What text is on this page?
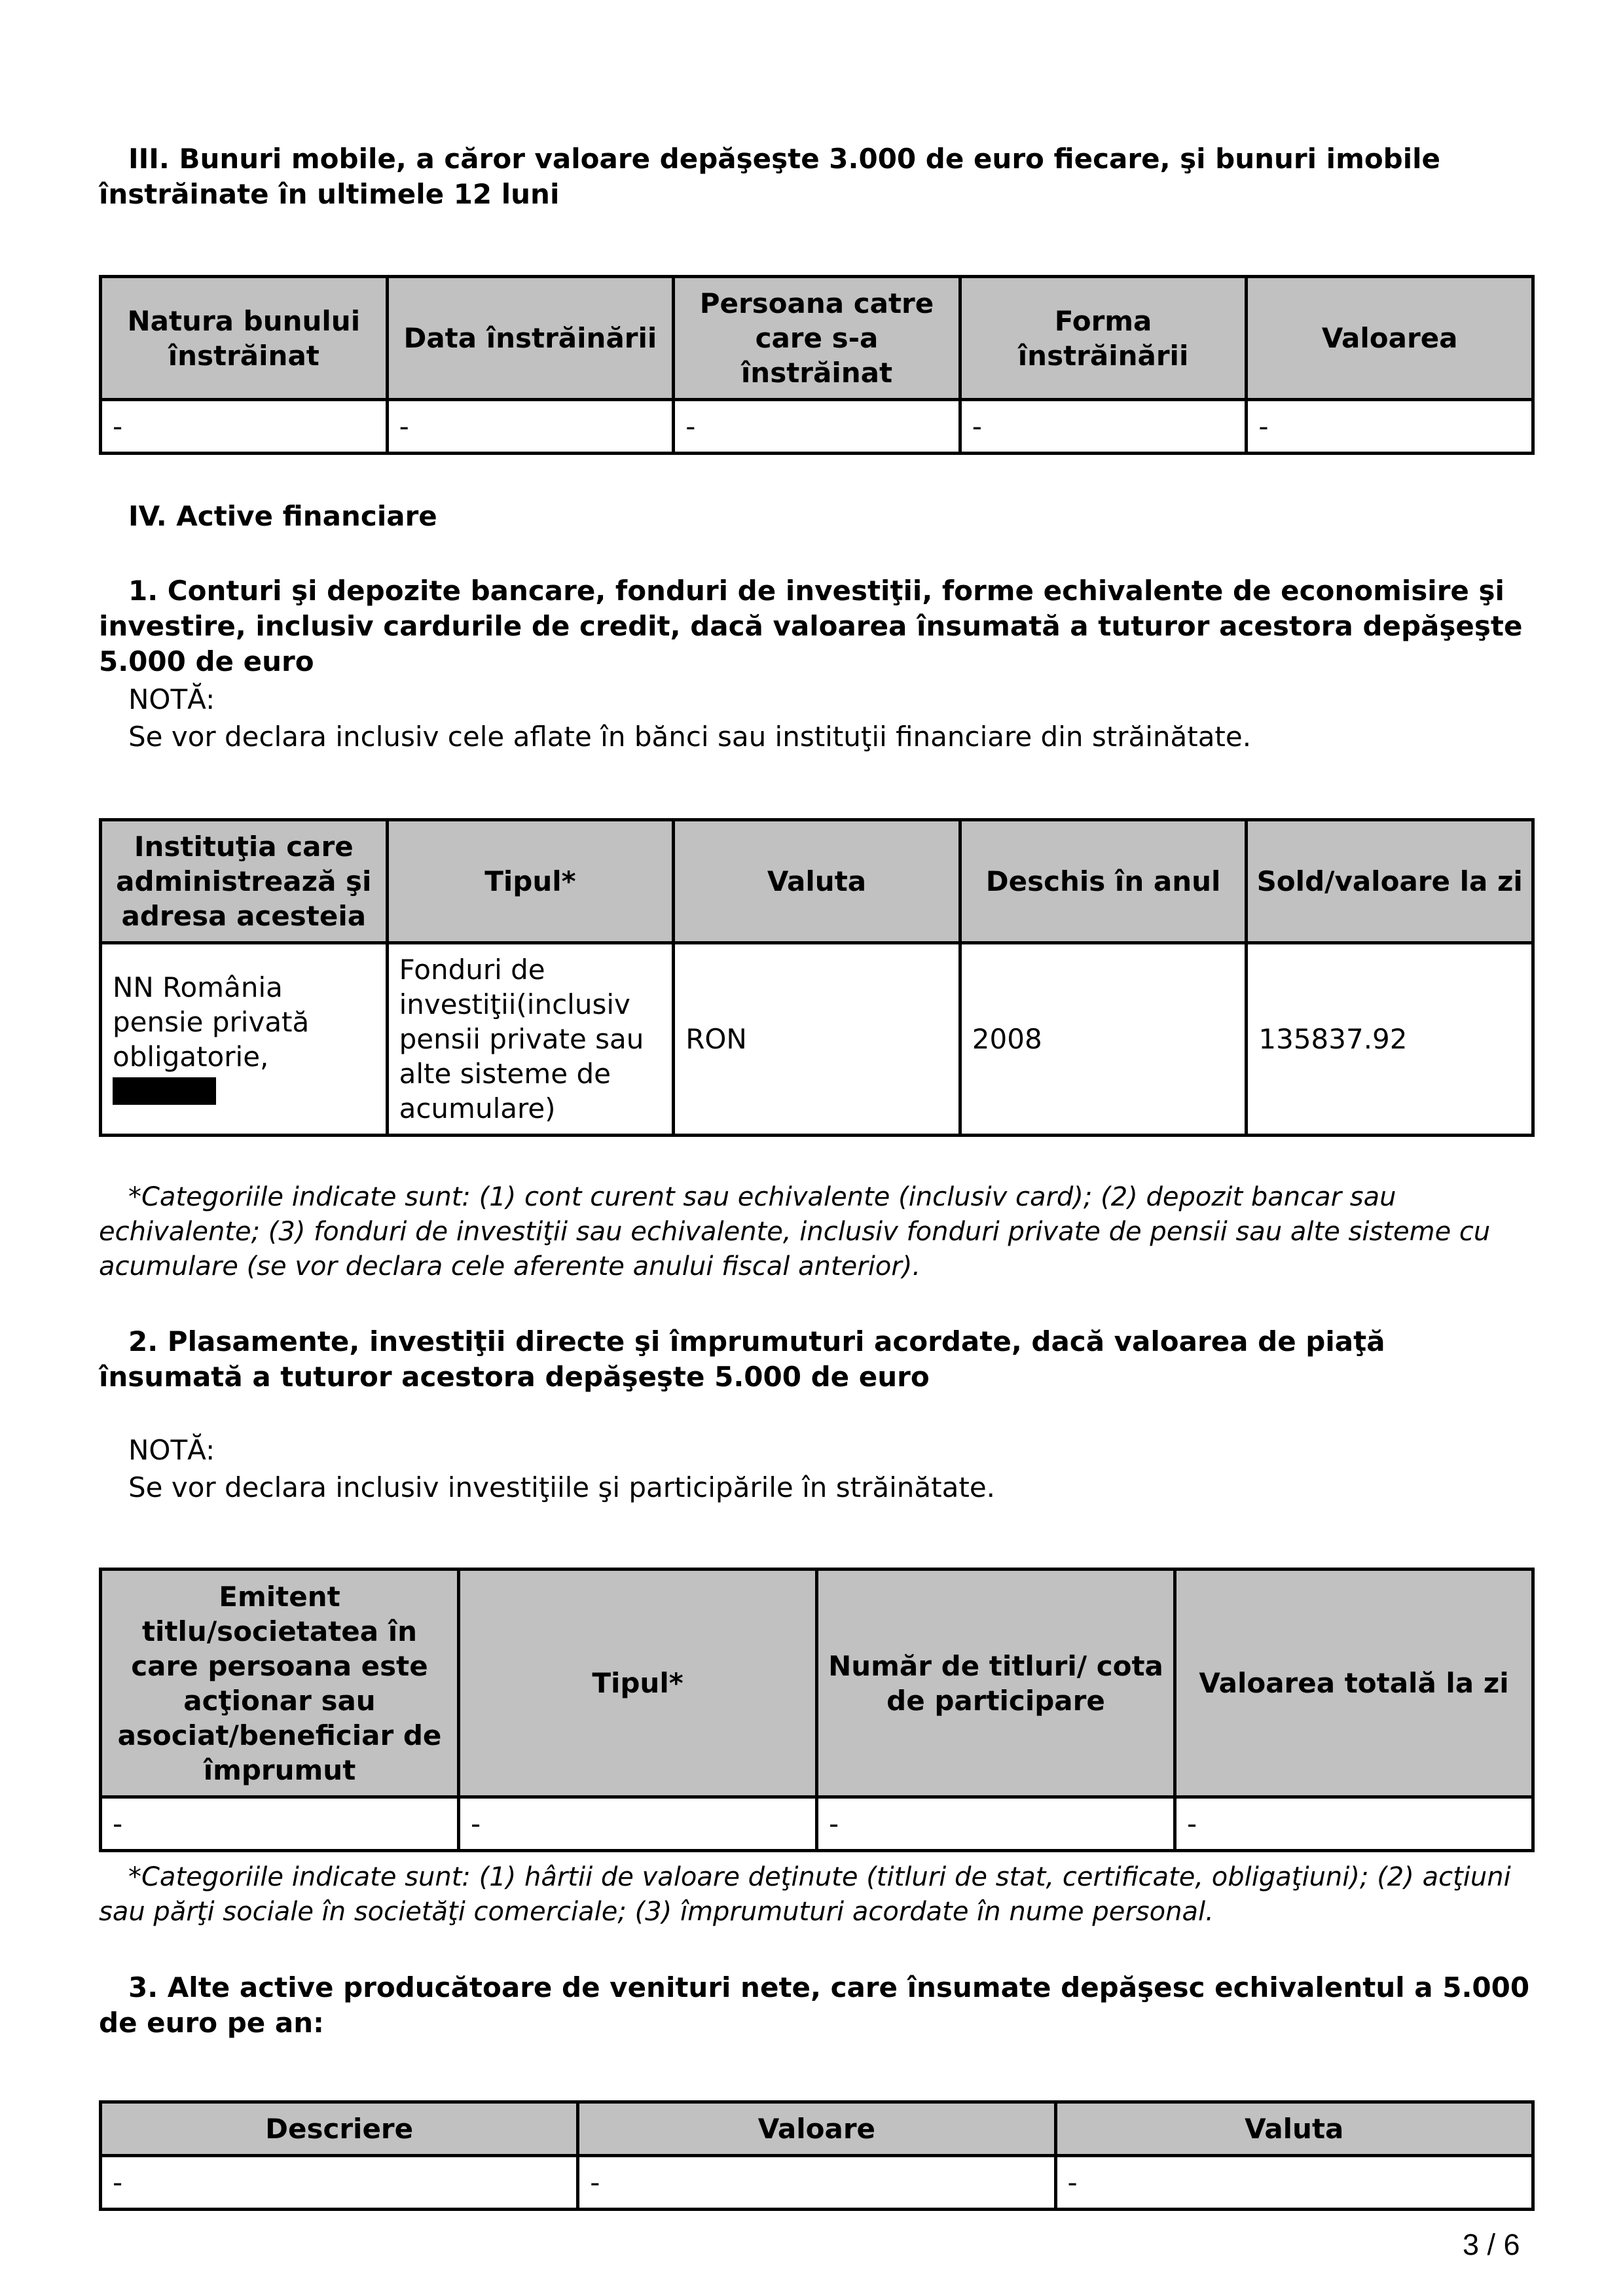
III. Bunuri mobile, a căror valoare depăşeşte 3.000 de euro fiecare, şi bunuri imobile înstrăinate în ultimele 12 luni

Natura bunului înstrăinat	Data înstrăinării	Persoana catre care s-a înstrăinat	Forma înstrăinării	Valoarea
-	-	-	-	-

IV. Active financiare

1. Conturi şi depozite bancare, fonduri de investiţii, forme echivalente de economisire şi investire, inclusiv cardurile de credit, dacă valoarea însumată a tuturor acestora depăşeşte 5.000 de euro

NOTĂ:
Se vor declara inclusiv cele aflate în bănci sau instituţii financiare din străinătate.
Instituţia care administrează şi adresa acesteia	Tipul*	Valuta	Deschis în anul	Sold/valoare la zi
NN România pensie privată obligatorie,	Fonduri de investiţii(inclusiv pensii private sau alte sisteme de acumulare)	RON	2008	135837.92
*Categoriile indicate sunt: (1) cont curent sau echivalente (inclusiv card); (2) depozit bancar sau echivalente; (3) fonduri de investiţii sau echivalente, inclusiv fonduri private de pensii sau alte sisteme cu acumulare (se vor declara cele aferente anului fiscal anterior).

2. Plasamente, investiţii directe şi împrumuturi acordate, dacă valoarea de piaţă însumată a tuturor acestora depăşeşte 5.000 de euro

NOTĂ:
Se vor declara inclusiv investiţiile şi participările în străinătate.
Emitent titlu/societatea în care persoana este acţionar sau asociat/beneficiar de împrumut	Tipul*	Număr de titluri/ cota de participare	Valoarea totală la zi
-	-	-	-
*Categoriile indicate sunt: (1) hârtii de valoare deţinute (titluri de stat, certificate, obligaţiuni); (2) acţiuni sau părţi sociale în societăţi comerciale; (3) împrumuturi acordate în nume personal.

3. Alte active producătoare de venituri nete, care însumate depăşesc echivalentul a 5.000 de euro pe an:

Descriere	Valoare	Valuta
-	-	-
3 / 6
